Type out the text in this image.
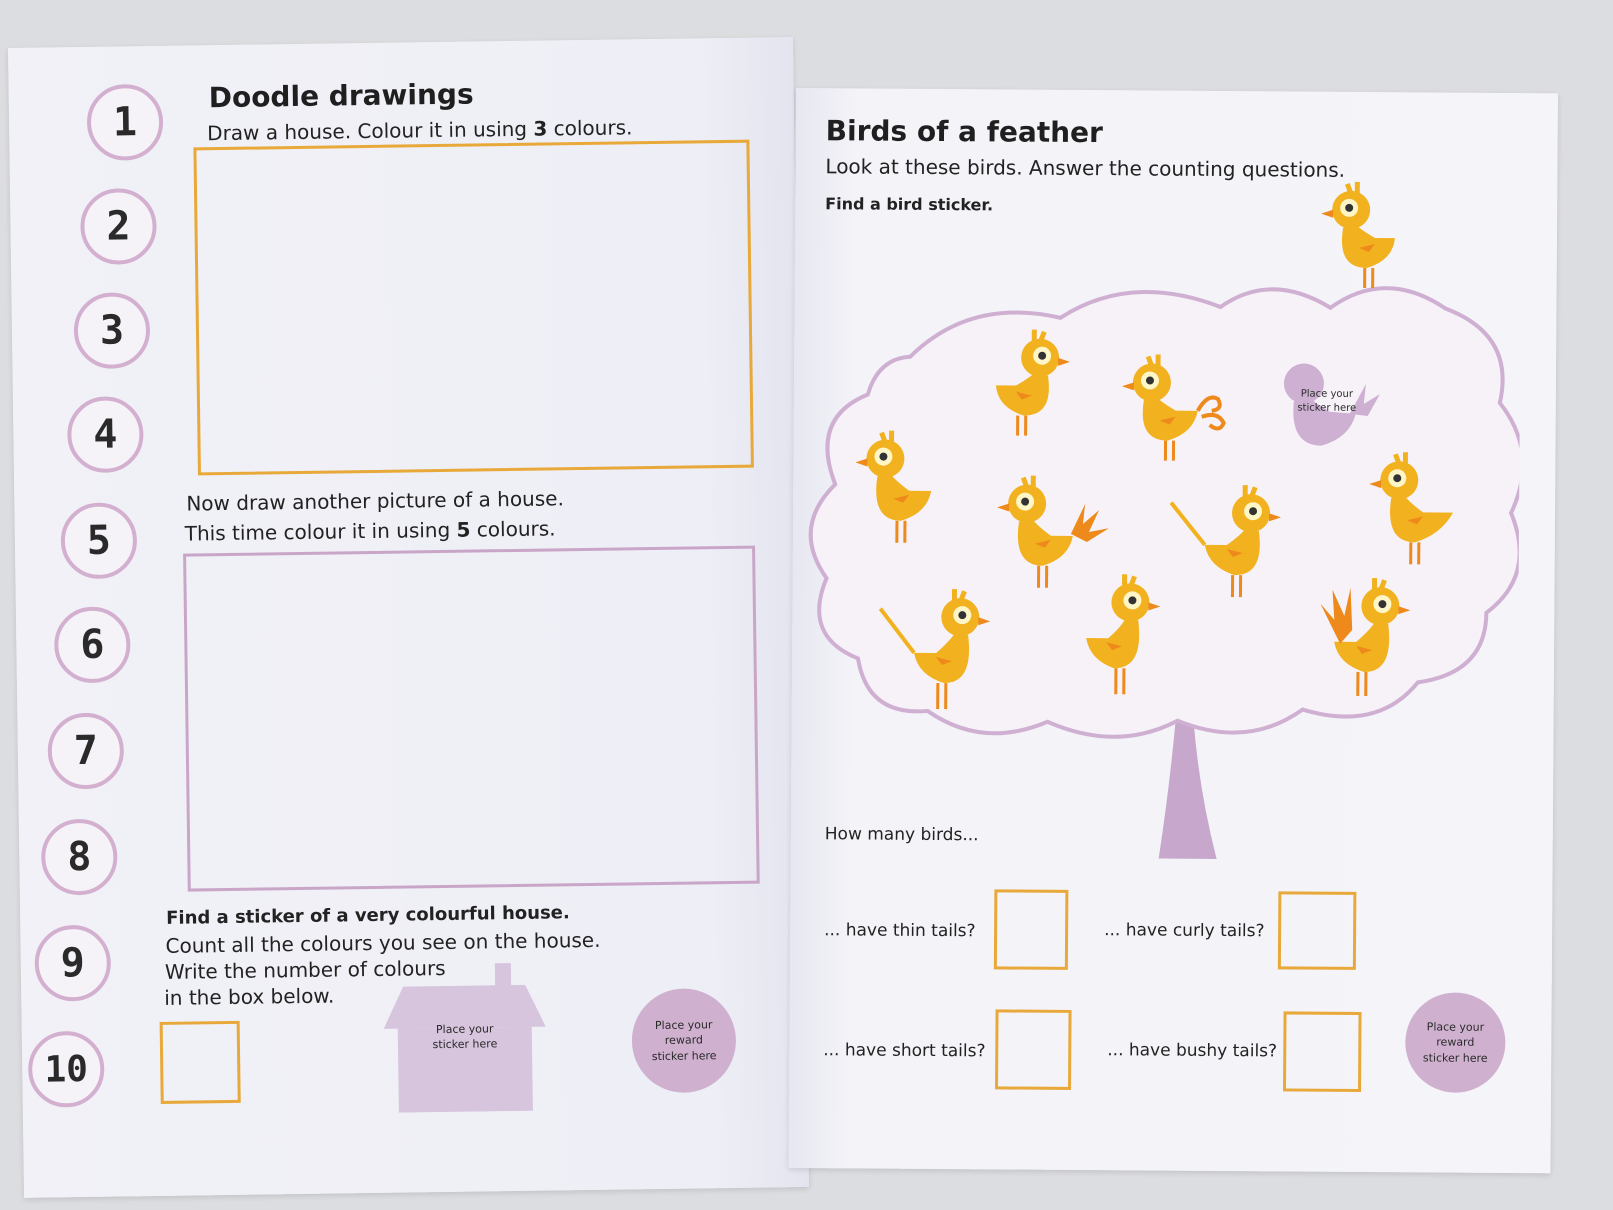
1
2
3
4
5
6
7
8
9
10
Doodle drawings
Draw a house. Colour it in using 3 colours.
Now draw another picture of a house.
This time colour it in using 5 colours.
Find a sticker of a very colourful house.
Count all the colours you see on the house.
Write the number of colours
in the box below.
Place your sticker here
Place your reward sticker here
Birds of a feather
Look at these birds. Answer the counting questions.
Find a bird sticker.
Place your sticker here
How many birds...
... have thin tails?	... have curly tails?
... have short tails?	... have bushy tails?
Place your reward sticker here
